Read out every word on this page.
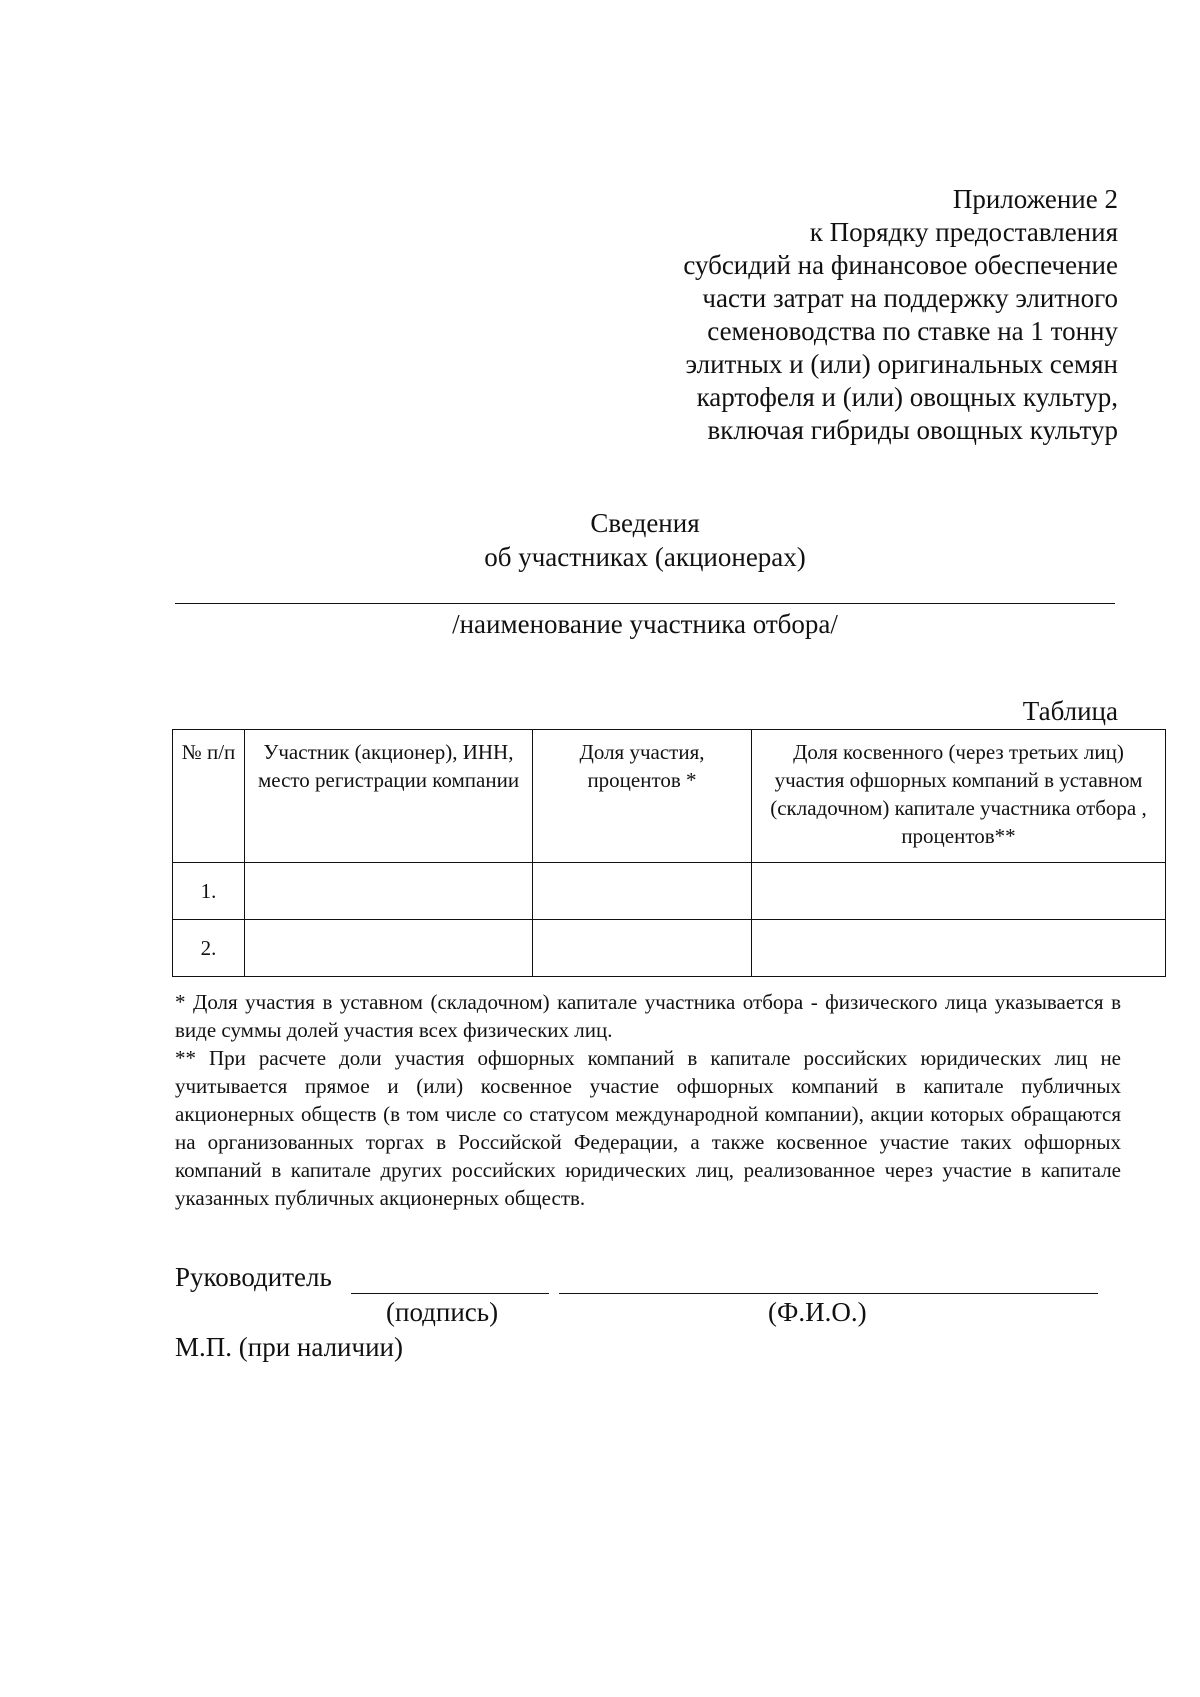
Приложение 2
к Порядку предоставления
субсидий на финансовое обеспечение
части затрат на поддержку элитного
семеноводства по ставке на 1 тонну
элитных и (или) оригинальных семян
картофеля и (или) овощных культур,
включая гибриды овощных культур
Сведения
об участниках (акционерах)
/наименование участника отбора/
Таблица
№ п/п	Участник (акционер), ИНН, место регистрации компании	Доля участия, процентов *	Доля косвенного (через третьих лиц) участия офшорных компаний в уставном (складочном) капитале участника отбора , процентов**
1.			
2.			

* Доля участия в уставном (складочном) капитале участника отбора - физического лица указывается в виде суммы долей участия всех физических лиц.

** При расчете доли участия офшорных компаний в капитале российских юридических лиц не учитывается прямое и (или) косвенное участие офшорных компаний в капитале публичных акционерных обществ (в том числе со статусом международной компании), акции которых обращаются на организованных торгах в Российской Федерации, а также косвенное участие таких офшорных компаний в капитале других российских юридических лиц, реализованное через участие в капитале указанных публичных акционерных обществ.

Руководитель
(подпись)	(Ф.И.О.)
М.П. (при наличии)
